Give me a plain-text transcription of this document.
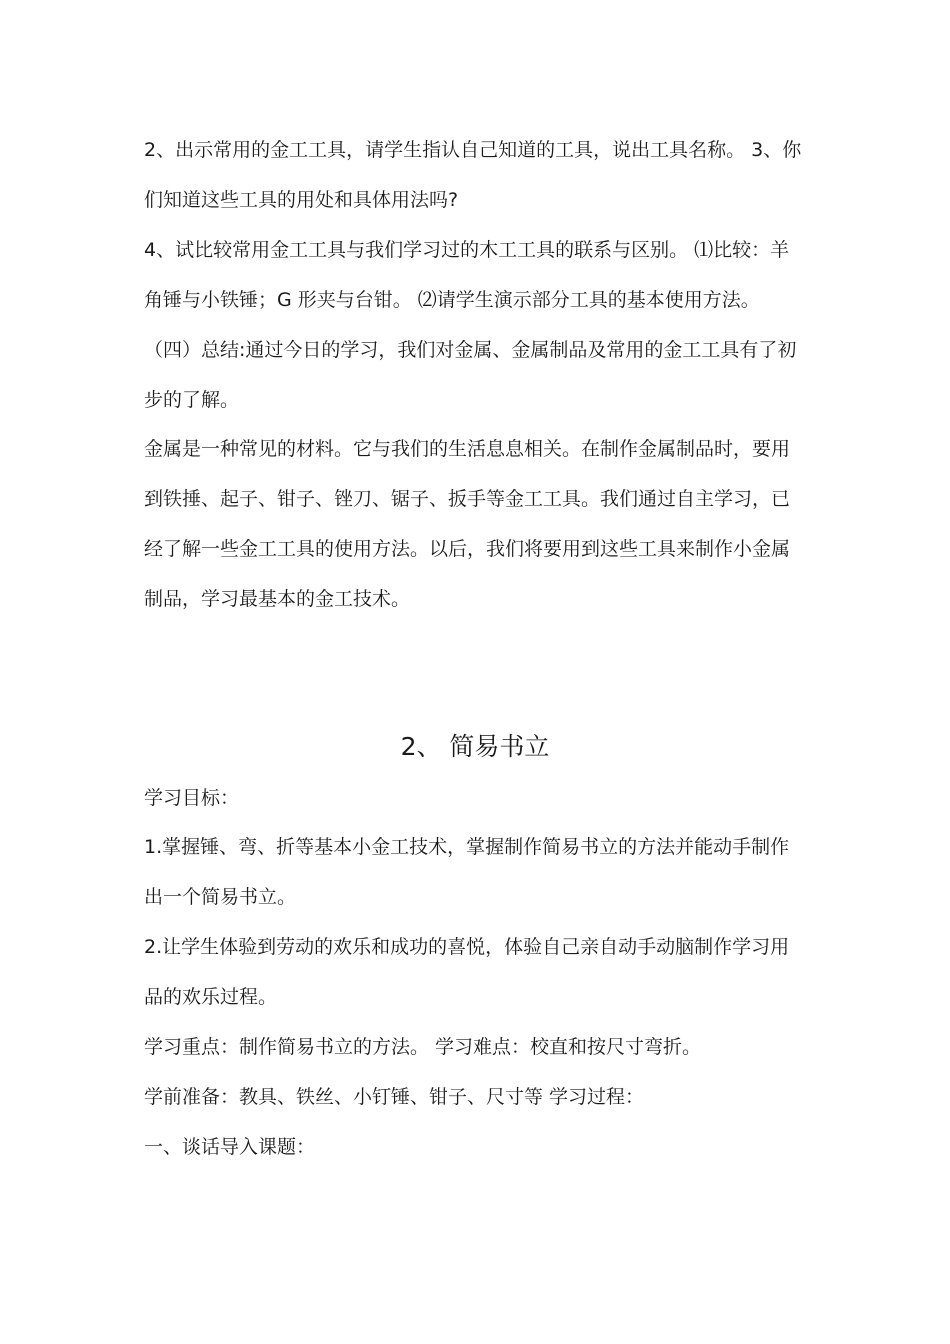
2、出示常用的金工工具，请学生指认自己知道的工具，说出工具名称。 3、你
们知道这些工具的用处和具体用法吗?
4、试比较常用金工工具与我们学习过的木工工具的联系与区别。 ⑴比较：羊
角锤与小铁锤；G 形夹与台钳。 ⑵请学生演示部分工具的基本使用方法。
（四）总结:通过今日的学习，我们对金属、金属制品及常用的金工工具有了初
步的了解。
金属是一种常见的材料。它与我们的生活息息相关。在制作金属制品时，要用
到铁捶、起子、钳子、锉刀、锯子、扳手等金工工具。我们通过自主学习，已
经了解一些金工工具的使用方法。以后，我们将要用到这些工具来制作小金属
制品，学习最基本的金工技术。
2、 简易书立
学习目标：
1.掌握锤、弯、折等基本小金工技术，掌握制作简易书立的方法并能动手制作
出一个简易书立。
2.让学生体验到劳动的欢乐和成功的喜悦，体验自己亲自动手动脑制作学习用
品的欢乐过程。
学习重点：制作简易书立的方法。 学习难点：校直和按尺寸弯折。
学前准备：教具、铁丝、小钉锤、钳子、尺寸等 学习过程：
一、谈话导入课题：
